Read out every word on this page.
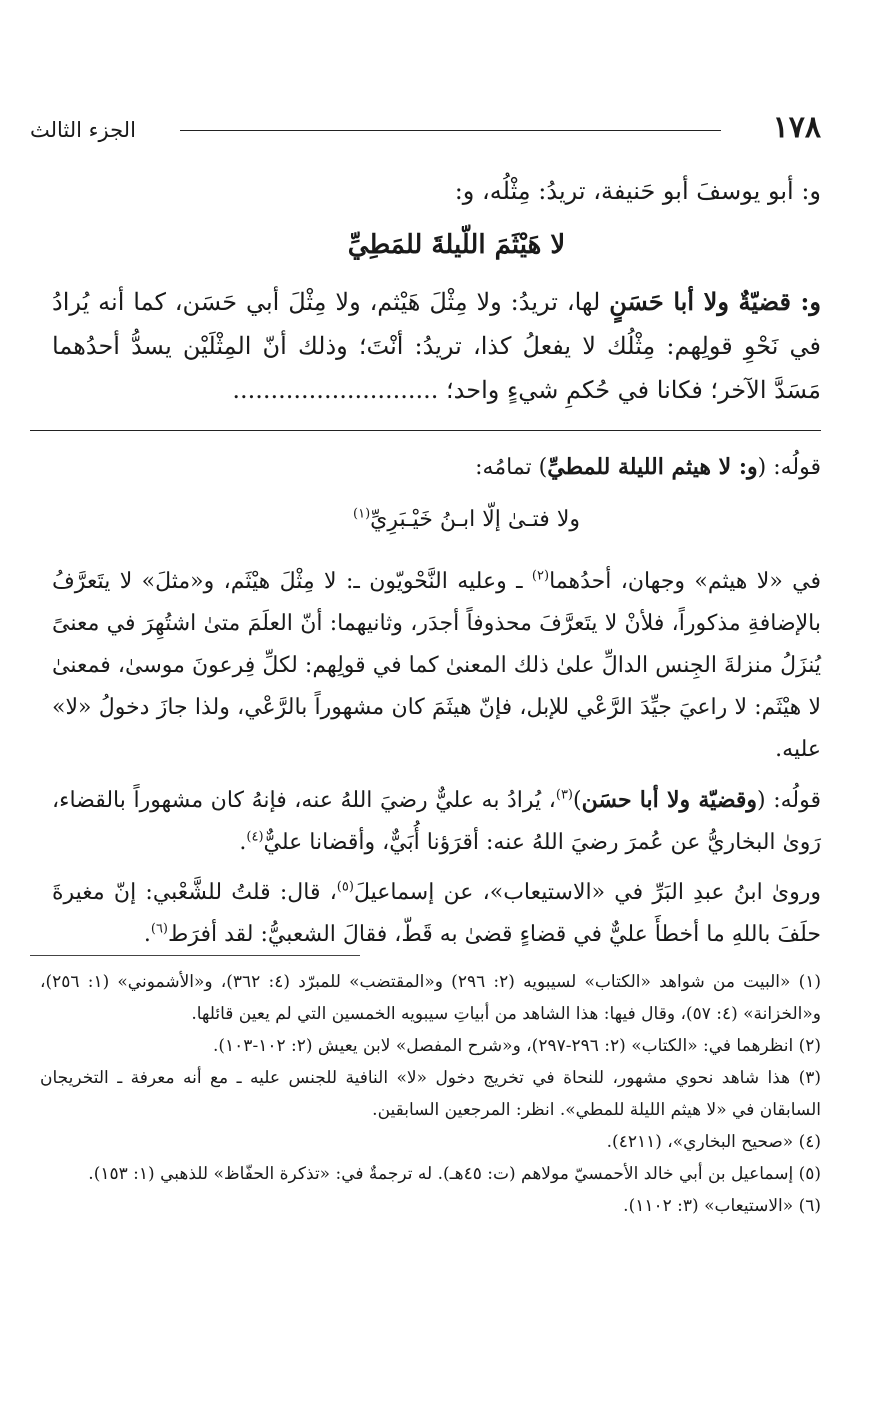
١٧٨
الجزء الثالث

و: أبو يوسفَ أبو حَنيفة، تريدُ: مِثْلُه، و:

لا هَيْثَمَ اللّيلةَ للمَطِيِّ

و: قضيّةٌ ولا أبا حَسَنٍ لها، تريدُ: ولا مِثْلَ هَيْثم، ولا مِثْلَ أبي حَسَن، كما أنه يُرادُ في نَحْوِ قولِهم: مِثْلُك لا يفعلُ كذا، تريدُ: أنْتَ؛ وذلك أنّ المِثْلَيْن يسدُّ أحدُهما مَسَدَّ الآخر؛ فكانا في حُكمِ شيءٍ واحد؛ ...........................

قولُه: (و: لا هيثم الليلة للمطيِّ) تمامُه:

ولا فتـىٰ إلّا ابـنُ خَيْـبَرِيِّ$^{(١)}$

في «لا هيثم» وجهان، أحدُهما$^{(٢)}$ ـ وعليه النَّحْويّون ـ: لا مِثْلَ هيْثَم، و«مثلَ» لا يتَعرَّفُ بالإضافةِ مذكوراً، فلأنْ لا يتَعرَّفَ محذوفاً أجدَر، وثانيهما: أنّ العلَمَ متىٰ اشتُهِرَ في معنىً يُنزَلُ منزلةَ الجِنس الدالِّ علىٰ ذلك المعنىٰ كما في قولِهم: لكلِّ فِرعونَ موسىٰ، فمعنىٰ لا هيْثَم: لا راعيَ جيِّدَ الرَّعْي للإبل، فإنّ هيثَمَ كان مشهوراً بالرَّعْي، ولذا جازَ دخولُ «لا» عليه.

قولُه: (وقضيّة ولا أبا حسَن)$^{(٣)}$، يُرادُ به عليٌّ رضيَ اللهُ عنه، فإنهُ كان مشهوراً بالقضاء، رَوىٰ البخاريُّ عن عُمرَ رضيَ اللهُ عنه: أقرَؤنا أُبَيٌّ، وأقضانا عليٌّ$^{(٤)}$.

ورویٰ ابنُ عبدِ البَرِّ في «الاستيعاب»، عن إسماعيلَ$^{(٥)}$، قال: قلتُ للشَّعْبي: إنّ مغيرةَ حلَفَ باللهِ ما أخطأَ عليٌّ في قضاءٍ قضىٰ به قَطّ، فقالَ الشعبيُّ: لقد أفرَط$^{(٦)}$.

(١) «البيت من شواهد «الكتاب» لسيبويه (٢: ٢٩٦) و«المقتضب» للمبرّد (٤: ٣٦٢)، و«الأشموني» (١: ٢٥٦)، و«الخزانة» (٤: ٥٧)، وقال فيها: هذا الشاهد من أبياتِ سيبويه الخمسين التي لم يعين قائلها.

(٢) انظرهما في: «الكتاب» (٢: ٢٩٦-٢٩٧)، و«شرح المفصل» لابن يعيش (٢: ١٠٢-١٠٣).

(٣) هذا شاهد نحوي مشهور، للنحاة في تخريج دخول «لا» النافية للجنس عليه ـ مع أنه معرفة ـ التخريجان السابقان في «لا هيثم الليلة للمطي». انظر: المرجعين السابقين.

(٤) «صحيح البخاري»، (٤٢١١).

(٥) إسماعيل بن أبي خالد الأحمسيّ مولاهم (ت: ٤٥هـ). له ترجمةٌ في: «تذكرة الحفّاظ» للذهبي (١: ١٥٣).

(٦) «الاستيعاب» (٣: ١١٠٢).
